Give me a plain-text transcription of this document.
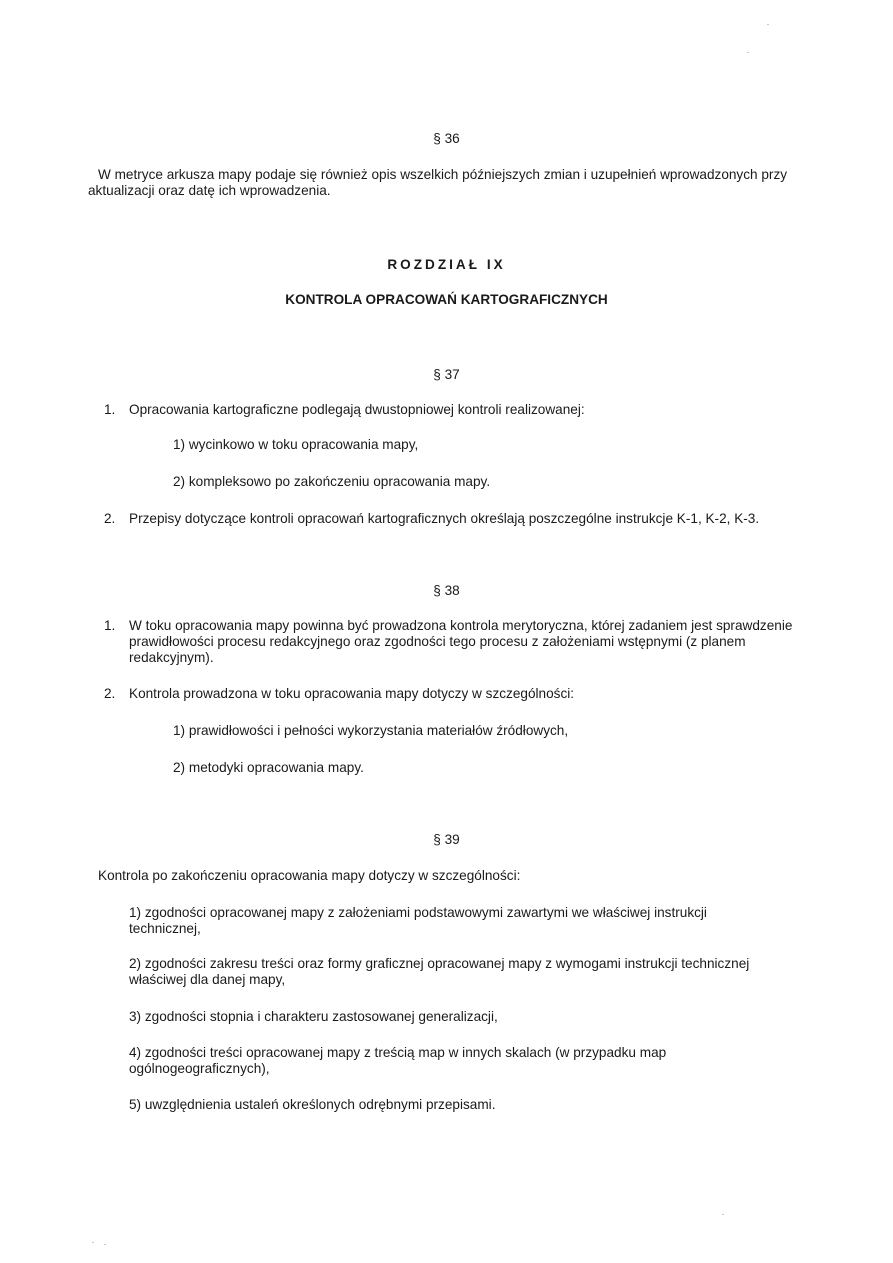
§ 36

W metryce arkusza mapy podaje się również opis wszelkich późniejszych zmian i uzupełnień wprowadzonych przy aktualizacji oraz datę ich wprowadzenia.

ROZDZIAŁ IX

KONTROLA OPRACOWAŃ KARTOGRAFICZNYCH

§ 37

1.	Opracowania kartograficzne podlegają dwustopniowej kontroli realizowanej:

1) wycinkowo w toku opracowania mapy,

2) kompleksowo po zakończeniu opracowania mapy.

2.	Przepisy dotyczące kontroli opracowań kartograficznych określają poszczególne instrukcje K-1, K-2, K-3.

§ 38

1.	W toku opracowania mapy powinna być prowadzona kontrola merytoryczna, której zadaniem jest sprawdzenie prawidłowości procesu redakcyjnego oraz zgodności tego procesu z założeniami wstępnymi (z planem redakcyjnym).

2.	Kontrola prowadzona w toku opracowania mapy dotyczy w szczególności:

1) prawidłowości i pełności wykorzystania materiałów źródłowych,

2) metodyki opracowania mapy.

§ 39

Kontrola po zakończeniu opracowania mapy dotyczy w szczególności:

1) zgodności opracowanej mapy z założeniami podstawowymi zawartymi we właściwej instrukcji technicznej,

2) zgodności zakresu treści oraz formy graficznej opracowanej mapy z wymogami instrukcji technicznej właściwej dla danej mapy,

3) zgodności stopnia i charakteru zastosowanej generalizacji,

4) zgodności treści opracowanej mapy z treścią map w innych skalach (w przypadku map ogólnogeograficznych),

5) uwzględnienia ustaleń określonych odrębnymi przepisami.
